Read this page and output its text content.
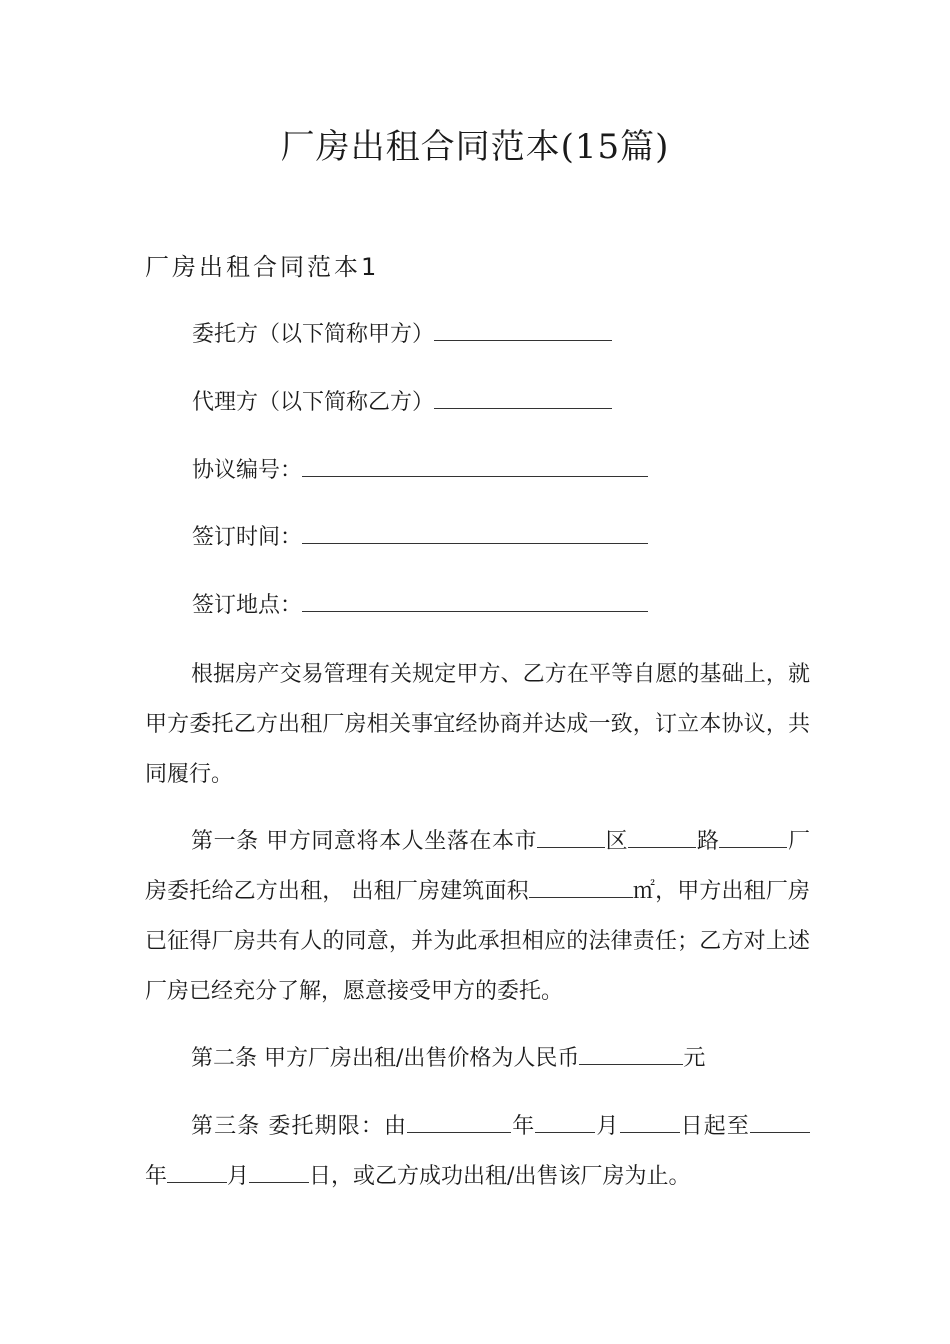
厂房出租合同范本(15篇)
厂房出租合同范本1
委托方（以下简称甲方）
代理方（以下简称乙方）
协议编号：
签订时间：
签订地点：
根据房产交易管理有关规定甲方、乙方在平等自愿的基础上，就甲方委托乙方出租厂房相关事宜经协商并达成一致，订立本协议，共同履行。
第一条 甲方同意将本人坐落在本市	区	路	厂房委托给乙方出租， 出租厂房建筑面积	㎡，甲方出租厂房已征得厂房共有人的同意，并为此承担相应的法律责任；乙方对上述厂房已经充分了解，愿意接受甲方的委托。
第二条 甲方厂房出租/出售价格为人民币	元
第三条 委托期限：由	年	月	日起至年	月	日，或乙方成功出租/出售该厂房为止。
